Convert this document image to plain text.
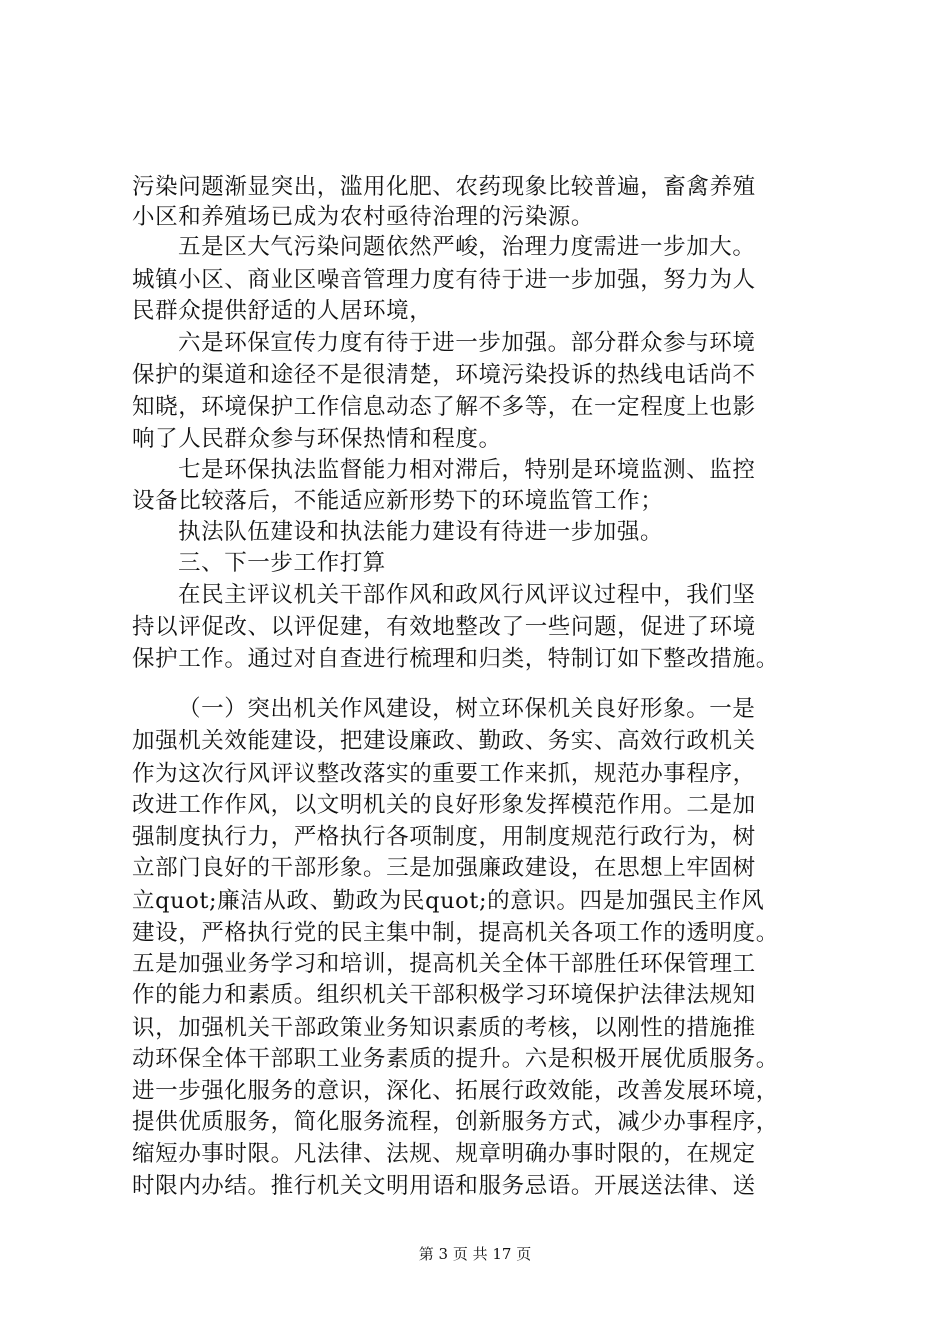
污染问题渐显突出，滥用化肥、农药现象比较普遍，畜禽养殖
小区和养殖场已成为农村亟待治理的污染源。
五是区大气污染问题依然严峻，治理力度需进一步加大。
城镇小区、商业区噪音管理力度有待于进一步加强，努力为人
民群众提供舒适的人居环境，
六是环保宣传力度有待于进一步加强。部分群众参与环境
保护的渠道和途径不是很清楚，环境污染投诉的热线电话尚不
知晓，环境保护工作信息动态了解不多等，在一定程度上也影
响了人民群众参与环保热情和程度。
七是环保执法监督能力相对滞后，特别是环境监测、监控
设备比较落后，不能适应新形势下的环境监管工作；
执法队伍建设和执法能力建设有待进一步加强。
三、下一步工作打算
在民主评议机关干部作风和政风行风评议过程中，我们坚
持以评促改、以评促建，有效地整改了一些问题，促进了环境
保护工作。通过对自查进行梳理和归类，特制订如下整改措施。
（一）突出机关作风建设，树立环保机关良好形象。一是
加强机关效能建设，把建设廉政、勤政、务实、高效行政机关
作为这次行风评议整改落实的重要工作来抓，规范办事程序，
改进工作作风，以文明机关的良好形象发挥模范作用。二是加
强制度执行力，严格执行各项制度，用制度规范行政行为，树
立部门良好的干部形象。三是加强廉政建设，在思想上牢固树
立quot;廉洁从政、勤政为民quot;的意识。四是加强民主作风
建设，严格执行党的民主集中制，提高机关各项工作的透明度。
五是加强业务学习和培训，提高机关全体干部胜任环保管理工
作的能力和素质。组织机关干部积极学习环境保护法律法规知
识，加强机关干部政策业务知识素质的考核，以刚性的措施推
动环保全体干部职工业务素质的提升。六是积极开展优质服务。
进一步强化服务的意识，深化、拓展行政效能，改善发展环境，
提供优质服务，简化服务流程，创新服务方式，减少办事程序，
缩短办事时限。凡法律、法规、规章明确办事时限的，在规定
时限内办结。推行机关文明用语和服务忌语。开展送法律、送
第 3 页 共 17 页
